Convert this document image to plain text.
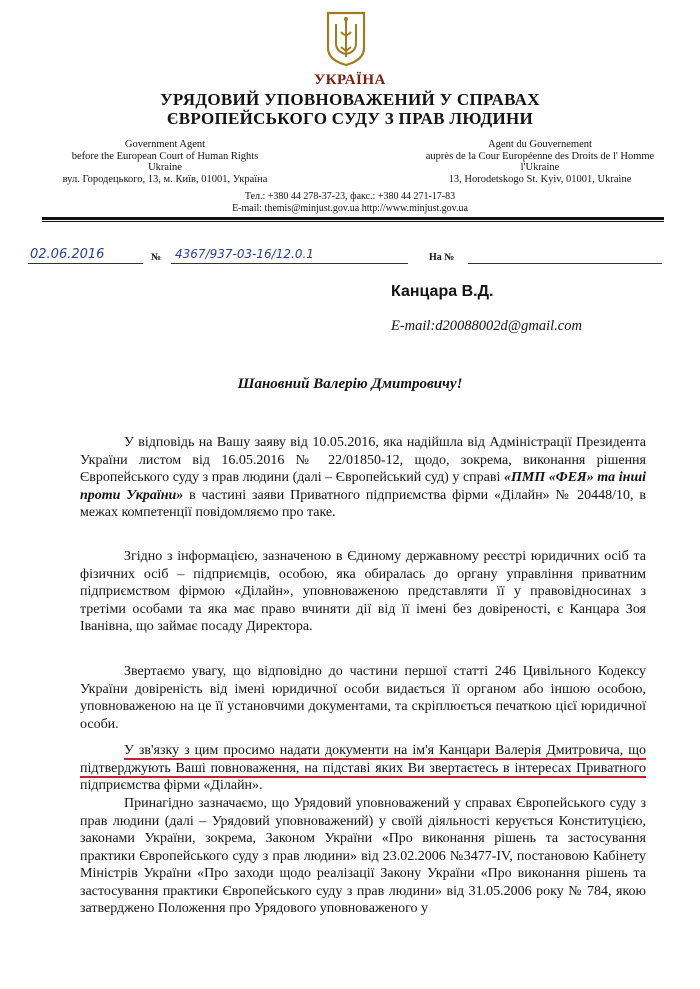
УКРАЇНА
УРЯДОВИЙ УПОВНОВАЖЕНИЙ У СПРАВАХ
ЄВРОПЕЙСЬКОГО СУДУ З ПРАВ ЛЮДИНИ
Government Agent
before the European Court of Human Rights
Ukraine
вул. Городецького, 13, м. Київ, 01001, Україна
Agent du Gouvernement
auprès de la Cour Européenne des Droits de l' Homme
l'Ukraine
13, Horodetskogo St. Kyiv, 01001, Ukraine
Тел.: +380 44 278-37-23, факс.: +380 44 271-17-83
E-mail: themis@minjust.gov.ua http://www.minjust.gov.ua
02.06.2016	№ 4367/937-03-16/12.0.1	На №
Канцара В.Д.
E-mail:d20088002d@gmail.com
Шановний Валерію Дмитровичу!

У відповідь на Вашу заяву від 10.05.2016, яка надійшла від Адміністрації Президента України листом від 16.05.2016 № 22/01850-12, щодо, зокрема, виконання рішення Європейського суду з прав людини (далі – Європейський суд) у справі «ПМП «ФЕЯ» та інші проти України» в частині заяви Приватного підприємства фірми «Ділайн» № 20448/10, в межах компетенції повідомляємо про таке.

Згідно з інформацією, зазначеною в Єдиному державному реєстрі юридичних осіб та фізичних осіб – підприємців, особою, яка обиралась до органу управління приватним підприємством фірмою «Ділайн», уповноваженою представляти її у правовідносинах з третіми особами та яка має право вчиняти дії від її імені без довіреності, є Канцара Зоя Іванівна, що займає посаду Директора.

Звертаємо увагу, що відповідно до частини першої статті 246 Цивільного Кодексу України довіреність від імені юридичної особи видається її органом або іншою особою, уповноваженою на це її установчими документами, та скріплюється печаткою цієї юридичної особи.

У зв'язку з цим просимо надати документи на ім'я Канцари Валерія Дмитровича, що підтверджують Ваші повноваження, на підставі яких Ви звертаєтесь в інтересах Приватного підприємства фірми «Ділайн».

Принагідно зазначаємо, що Урядовий уповноважений у справах Європейського суду з прав людини (далі – Урядовий уповноважений) у своїй діяльності керується Конституцією, законами України, зокрема, Законом України «Про виконання рішень та застосування практики Європейського суду з прав людини» від 23.02.2006 №3477-IV, постановою Кабінету Міністрів України «Про заходи щодо реалізації Закону України «Про виконання рішень та застосування практики Європейського суду з прав людини» від 31.05.2006 року № 784, якою затверджено Положення про Урядового уповноваженого у
